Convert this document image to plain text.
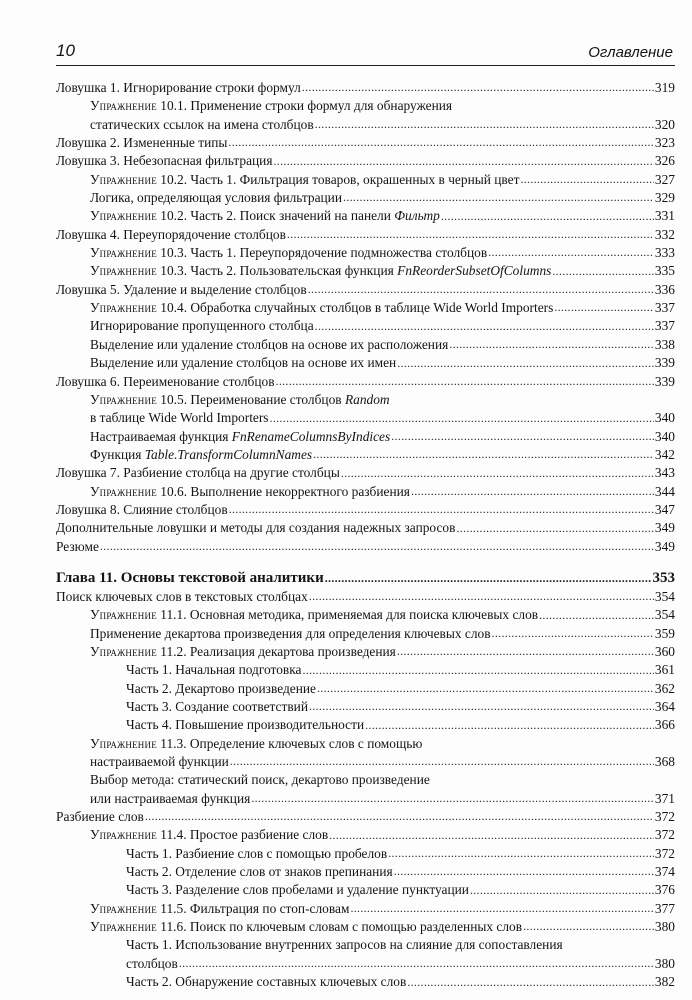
10	Оглавление
Ловушка 1. Игнорирование строки формул .....	319
Упражнение 10.1. Применение строки формул для обнаружения
статических ссылок на имена столбцов .....	320
Ловушка 2. Измененные типы .....	323
Ловушка 3. Небезопасная фильтрация .....	326
Упражнение 10.2. Часть 1. Фильтрация товаров, окрашенных в черный цвет .....	327
Логика, определяющая условия фильтрации .....	329
Упражнение 10.2. Часть 2. Поиск значений на панели Фильтр .....	331
Ловушка 4. Переупорядочение столбцов .....	332
Упражнение 10.3. Часть 1. Переупорядочение подмножества столбцов .....	333
Упражнение 10.3. Часть 2. Пользовательская функция FnReorderSubsetOfColumns .....	335
Ловушка 5. Удаление и выделение столбцов .....	336
Упражнение 10.4. Обработка случайных столбцов в таблице Wide World Importers .....	337
Игнорирование пропущенного столбца .....	337
Выделение или удаление столбцов на основе их расположения .....	338
Выделение или удаление столбцов на основе их имен .....	339
Ловушка 6. Переименование столбцов .....	339
Упражнение 10.5. Переименование столбцов Random
в таблице Wide World Importers .....	340
Настраиваемая функция FnRenameColumnsByIndices .....	340
Функция Table.TransformColumnNames .....	342
Ловушка 7. Разбиение столбца на другие столбцы .....	343
Упражнение 10.6. Выполнение некорректного разбиения .....	344
Ловушка 8. Слияние столбцов .....	347
Дополнительные ловушки и методы для создания надежных запросов .....	349
Резюме .....	349
Глава 11. Основы текстовой аналитики .....	353
Поиск ключевых слов в текстовых столбцах .....	354
Упражнение 11.1. Основная методика, применяемая для поиска ключевых слов .....	354
Применение декартова произведения для определения ключевых слов .....	359
Упражнение 11.2. Реализация декартова произведения .....	360
Часть 1. Начальная подготовка .....	361
Часть 2. Декартово произведение .....	362
Часть 3. Создание соответствий .....	364
Часть 4. Повышение производительности .....	366
Упражнение 11.3. Определение ключевых слов с помощью
настраиваемой функции .....	368
Выбор метода: статический поиск, декартово произведение
или настраиваемая функция .....	371
Разбиение слов .....	372
Упражнение 11.4. Простое разбиение слов .....	372
Часть 1. Разбиение слов с помощью пробелов .....	372
Часть 2. Отделение слов от знаков препинания .....	374
Часть 3. Разделение слов пробелами и удаление пунктуации .....	376
Упражнение 11.5. Фильтрация по стоп-словам .....	377
Упражнение 11.6. Поиск по ключевым словам с помощью разделенных слов .....	380
Часть 1. Использование внутренних запросов на слияние для сопоставления
столбцов .....	380
Часть 2. Обнаружение составных ключевых слов .....	382
